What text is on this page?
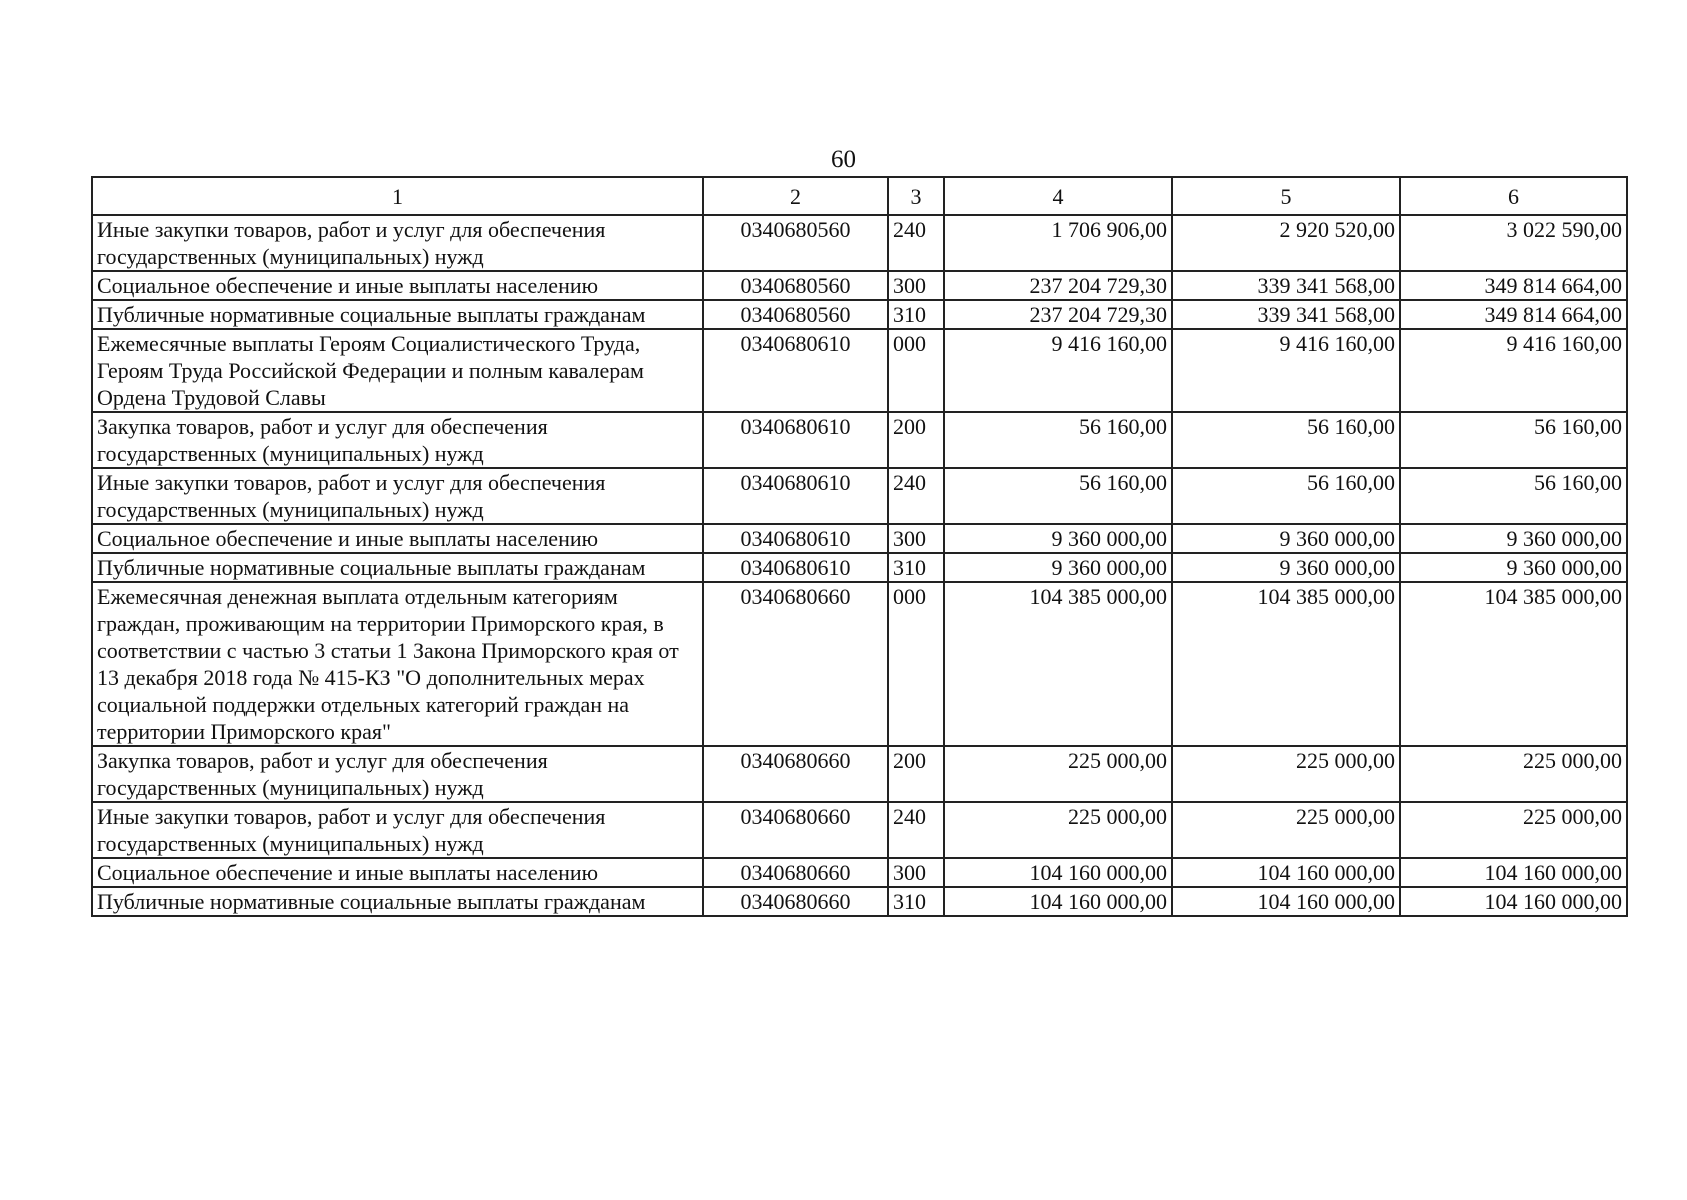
60
1	2	3	4	5	6
Иные закупки товаров, работ и услуг для обеспечения государственных (муниципальных) нужд	0340680560	240	1 706 906,00	2 920 520,00	3 022 590,00
Социальное обеспечение и иные выплаты населению	0340680560	300	237 204 729,30	339 341 568,00	349 814 664,00
Публичные нормативные социальные выплаты гражданам	0340680560	310	237 204 729,30	339 341 568,00	349 814 664,00
Ежемесячные выплаты Героям Социалистического Труда, Героям Труда Российской Федерации и полным кавалерам Ордена Трудовой Славы	0340680610	000	9 416 160,00	9 416 160,00	9 416 160,00
Закупка товаров, работ и услуг для обеспечения государственных (муниципальных) нужд	0340680610	200	56 160,00	56 160,00	56 160,00
Иные закупки товаров, работ и услуг для обеспечения государственных (муниципальных) нужд	0340680610	240	56 160,00	56 160,00	56 160,00
Социальное обеспечение и иные выплаты населению	0340680610	300	9 360 000,00	9 360 000,00	9 360 000,00
Публичные нормативные социальные выплаты гражданам	0340680610	310	9 360 000,00	9 360 000,00	9 360 000,00
Ежемесячная денежная выплата отдельным категориям граждан, проживающим на территории Приморского края, в соответствии с частью 3 статьи 1 Закона Приморского края от 13 декабря 2018 года № 415-КЗ "О дополнительных мерах социальной поддержки отдельных категорий граждан на территории Приморского края"	0340680660	000	104 385 000,00	104 385 000,00	104 385 000,00
Закупка товаров, работ и услуг для обеспечения государственных (муниципальных) нужд	0340680660	200	225 000,00	225 000,00	225 000,00
Иные закупки товаров, работ и услуг для обеспечения государственных (муниципальных) нужд	0340680660	240	225 000,00	225 000,00	225 000,00
Социальное обеспечение и иные выплаты населению	0340680660	300	104 160 000,00	104 160 000,00	104 160 000,00
Публичные нормативные социальные выплаты гражданам	0340680660	310	104 160 000,00	104 160 000,00	104 160 000,00
